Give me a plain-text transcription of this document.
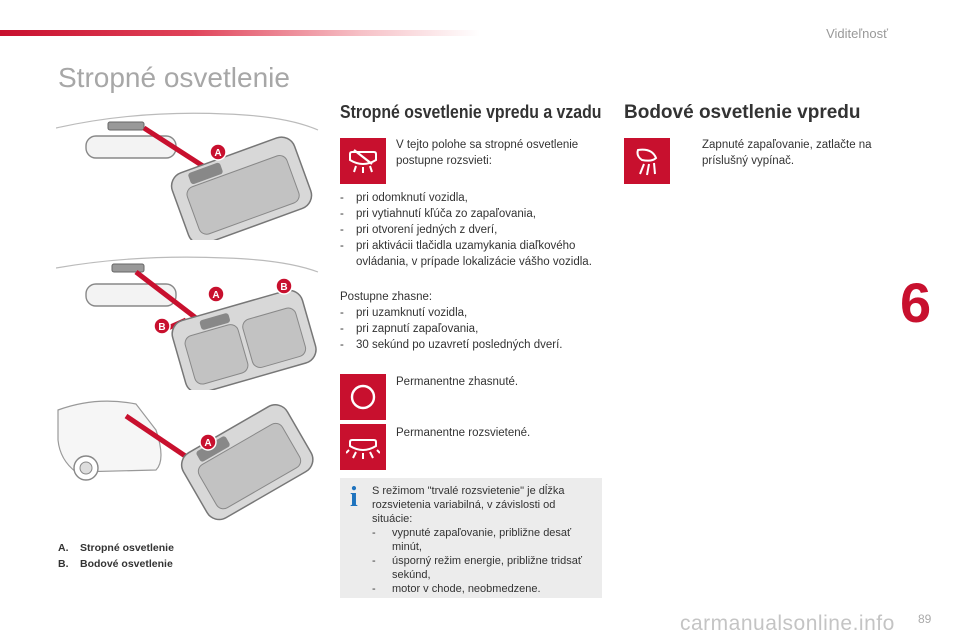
Viditeľnosť
Stropné osvetlenie
6
A
A
B
B
A
A.	Stropné osvetlenie
B.	Bodové osvetlenie
Stropné osvetlenie vpredu a vzadu
V tejto polohe sa stropné osvetlenie postupne rozsvieti:
-	pri odomknutí vozidla,
-	pri vytiahnutí kľúča zo zapaľovania,
-	pri otvorení jedných z dverí,
-	pri aktivácii tlačidla uzamykania diaľkového ovládania, v prípade lokalizácie vášho vozidla.
Postupne zhasne:
-	pri uzamknutí vozidla,
-	pri zapnutí zapaľovania,
-	30 sekúnd po uzavretí posledných dverí.
Permanentne zhasnuté.
Permanentne rozsvietené.
i S režimom "trvalé rozsvietenie" je dĺžka rozsvietenia variabilná, v závislosti od situácie:
-	vypnuté zapaľovanie, približne desať minút,
-	úsporný režim energie, približne tridsať sekúnd,
-	motor v chode, neobmedzene.
Bodové osvetlenie vpredu
Zapnuté zapaľovanie, zatlačte na príslušný vypínač.
carmanualsonline.info 89
